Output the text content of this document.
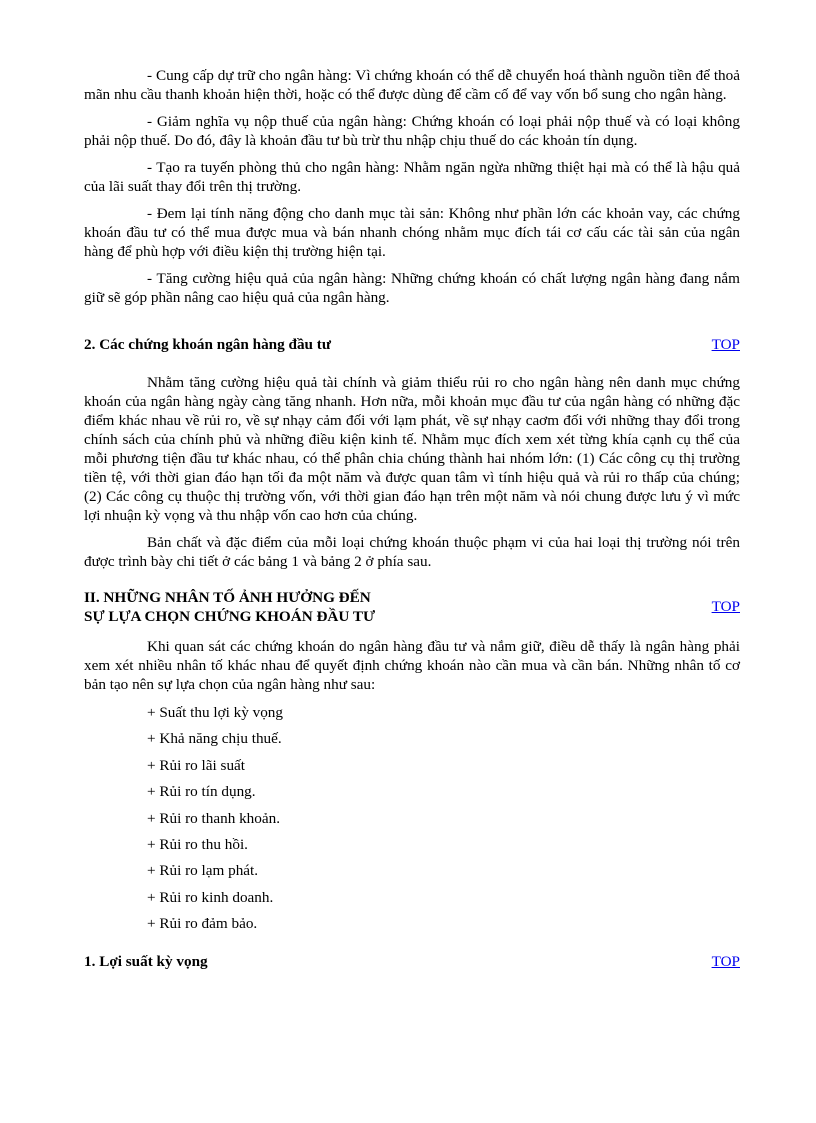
- Cung cấp dự trữ cho ngân hàng: Vì chứng khoán có thể dễ chuyển hoá thành nguồn tiền để thoả mãn nhu cầu thanh khoản hiện thời, hoặc có thể được dùng để cầm cố để vay vốn bổ sung cho ngân hàng.

- Giảm nghĩa vụ nộp thuế của ngân hàng: Chứng khoán có loại phải nộp thuế và có loại không phải nộp thuế. Do đó, đây là khoản đầu tư bù trừ thu nhập chịu thuế do các khoản tín dụng.

- Tạo ra tuyến phòng thủ cho ngân hàng: Nhằm ngăn ngừa những thiệt hại mà có thể là hậu quả của lãi suất thay đổi trên thị trường.

- Đem lại tính năng động cho danh mục tài sản: Không như phần lớn các khoản vay, các chứng khoán đầu tư có thể mua được mua và bán nhanh chóng nhằm mục đích tái cơ cấu các tài sản của ngân hàng để phù hợp với điều kiện thị trường hiện tại.

- Tăng cường hiệu quả của ngân hàng: Những chứng khoán có chất lượng ngân hàng đang nắm giữ sẽ góp phần nâng cao hiệu quả của ngân hàng.

2. Các chứng khoán ngân hàng đầu tư	TOP

Nhằm tăng cường hiệu quả tài chính và giảm thiểu rủi ro cho ngân hàng nên danh mục chứng khoán của ngân hàng ngày càng tăng nhanh. Hơn nữa, mỗi khoản mục đầu tư của ngân hàng có những đặc điểm khác nhau về rủi ro, về sự nhạy cảm đối với lạm phát, về sự nhạy caơm đối với những thay đổi trong chính sách của chính phủ và những điều kiện kinh tế. Nhằm mục đích xem xét từng khía cạnh cụ thể của mỗi phương tiện đầu tư khác nhau, có thể phân chia chúng thành hai nhóm lớn: (1) Các công cụ thị trường tiền tệ, với thời gian đáo hạn tối đa một năm và được quan tâm vì tính hiệu quả và rủi ro thấp của chúng; (2) Các công cụ thuộc thị trường vốn, với thời gian đáo hạn trên một năm và nói chung được lưu ý vì mức lợi nhuận kỳ vọng và thu nhập vốn cao hơn của chúng.

Bản chất và đặc điểm của mỗi loại chứng khoán thuộc phạm vi của hai loại thị trường nói trên được trình bày chi tiết ở các bảng 1 và bảng 2 ở phía sau.

II. NHỮNG NHÂN TỐ ẢNH HƯỞNG ĐẾN
SỰ LỰA CHỌN CHỨNG KHOÁN ĐẦU TƯ
TOP

Khi quan sát các chứng khoán do ngân hàng đầu tư và nắm giữ, điều dễ thấy là ngân hàng phải xem xét nhiều nhân tố khác nhau để quyết định chứng khoán nào cần mua và cần bán. Những nhân tố cơ bản tạo nên sự lựa chọn của ngân hàng như sau:

+ Suất thu lợi kỳ vọng
+ Khả năng chịu thuế.
+ Rủi ro lãi suất
+ Rủi ro tín dụng.
+ Rủi ro thanh khoản.
+ Rủi ro thu hồi.
+ Rủi ro lạm phát.
+ Rủi ro kinh doanh.
+ Rủi ro đảm bảo.
1. Lợi suất kỳ vọng	TOP
